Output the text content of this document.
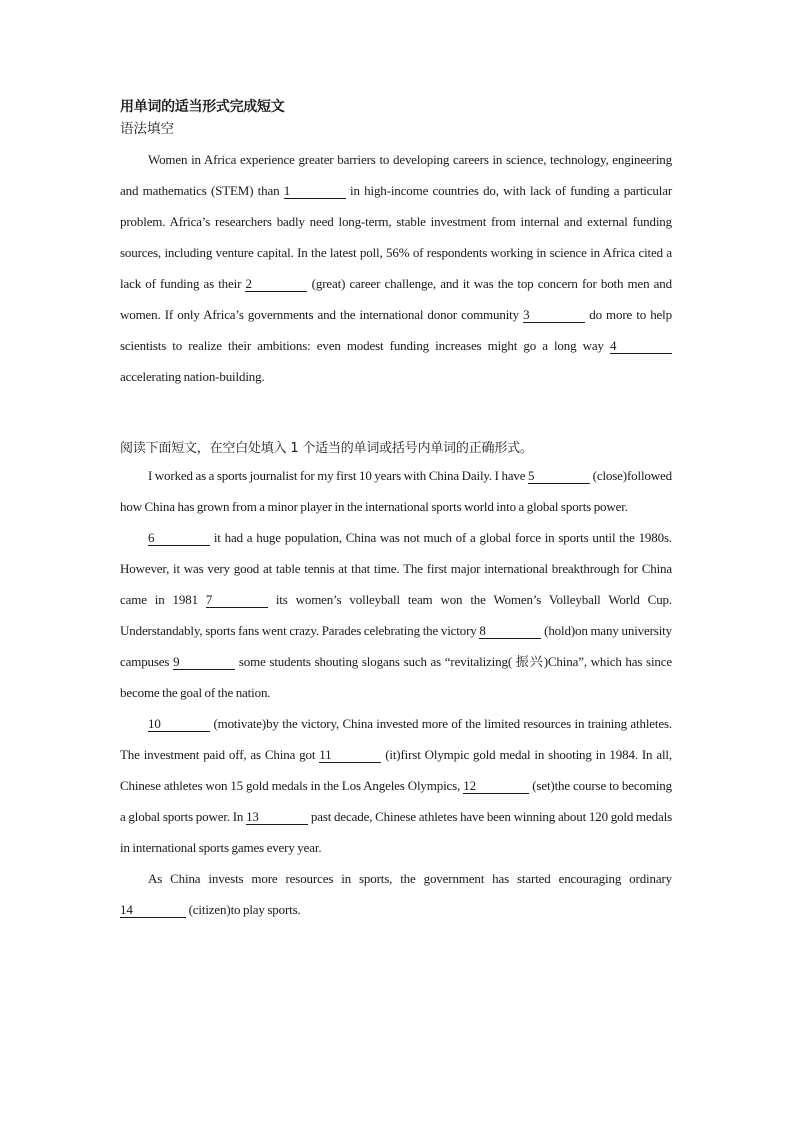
用单词的适当形式完成短文
语法填空

Women in Africa experience greater barriers to developing careers in science, technology, engineering and mathematics (STEM) than 1	in high-income countries do, with lack of funding a particular problem. Africa’s researchers badly need long-term, stable investment from internal and external funding sources, including venture capital. In the latest poll, 56% of respondents working in science in Africa cited a lack of funding as their 2	(great) career challenge, and it was the top concern for both men and women. If only Africa’s governments and the international donor community 3	do more to help scientists to realize their ambitions: even modest funding increases might go a long way 4 accelerating nation-building.

阅读下面短文，在空白处填入 1 个适当的单词或括号内单词的正确形式。

I worked as a sports journalist for my first 10 years with China Daily. I have 5	(close)followed how China has grown from a minor player in the international sports world into a global sports power.

6	it had a huge population, China was not much of a global force in sports until the 1980s. However, it was very good at table tennis at that time. The first major international breakthrough for China came in 1981 7	its women’s volleyball team won the Women’s Volleyball World Cup. Understandably, sports fans went crazy. Parades celebrating the victory 8	(hold)on many university campuses 9	some students shouting slogans such as “revitalizing( 振兴)China”, which has since become the goal of the nation.

10	(motivate)by the victory, China invested more of the limited resources in training athletes. The investment paid off, as China got 11	(it)first Olympic gold medal in shooting in 1984. In all, Chinese athletes won 15 gold medals in the Los Angeles Olympics, 12	(set)the course to becoming a global sports power. In 13	past decade, Chinese athletes have been winning about 120 gold medals in international sports games every year.

As China invests more resources in sports, the government has started encouraging ordinary 14	(citizen)to play sports.
